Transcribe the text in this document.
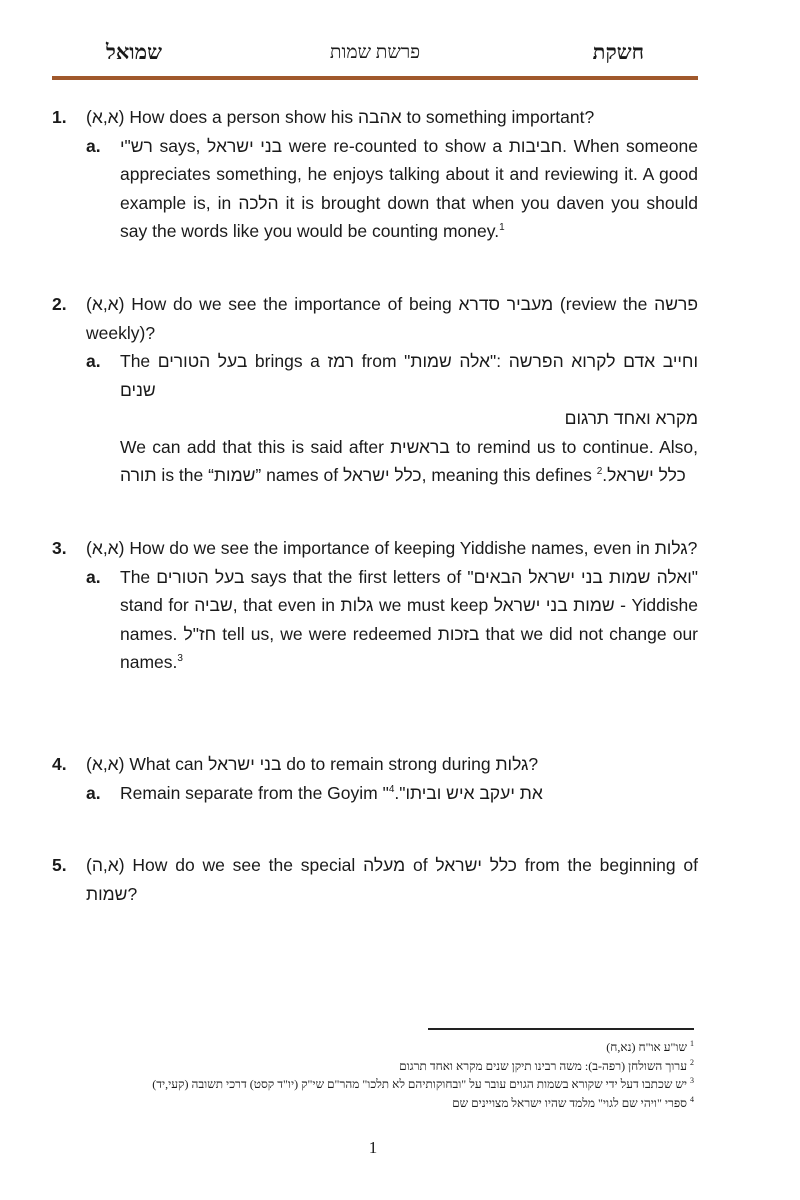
שמואל	פרשת שמות	חשקת
1. (א,א) How does a person show his אהבה to something important?
a. רש"י says, בני ישראל were re-counted to show a חביבות. When someone appreciates something, he enjoys talking about it and reviewing it. A good example is, in הלכה it is brought down that when you daven you should say the words like you would be counting money.$^1$
2. (א,א) How do we see the importance of being מעביר סדרא (review the פרשה weekly)?
a. The בעל הטורים brings a רמז from "אלה שמות": וחייב אדם לקרוא הפרשה שנים

מקרא ואחד תרגום

We can add that this is said after בראשית to remind us to continue. Also, תורה is the “שמות” names of כלל ישראל, meaning this defines כלל ישראל.$^2$

3. (א,א) How do we see the importance of keeping Yiddishe names, even in גלות?
a. The בעל הטורים says that the first letters of "ואלה שמות בני ישראל הבאים" stand for שביה, that even in גלות we must keep שמות בני ישראל - Yiddishe names. חז"ל tell us, we were redeemed בזכות that we did not change our names.$^3$
4. (א,א) What can בני ישראל do to remain strong during גלות?
a. Remain separate from the Goyim "את יעקב איש וביתו".$^4$
5. (א,ה) How do we see the special מעלה of כלל ישראל from the beginning of שמות?
$^1$ שו"ע או"ח (נא,ח)
$^2$ ערוך השולחן (רפה-ב): משה רבינו תיקן שנים מקרא ואחד תרגום
$^3$ יש שכתבו דעל ידי שקורא בשמות הגוים עובר על "ובחוקותיהם לא תלכו" מהר"ם שי"ק (יו"ד קסט) דרכי תשובה (קעי,יד)
$^4$ ספרי "ויהי שם לגוי" מלמד שהיו ישראל מצויינים שם
1
